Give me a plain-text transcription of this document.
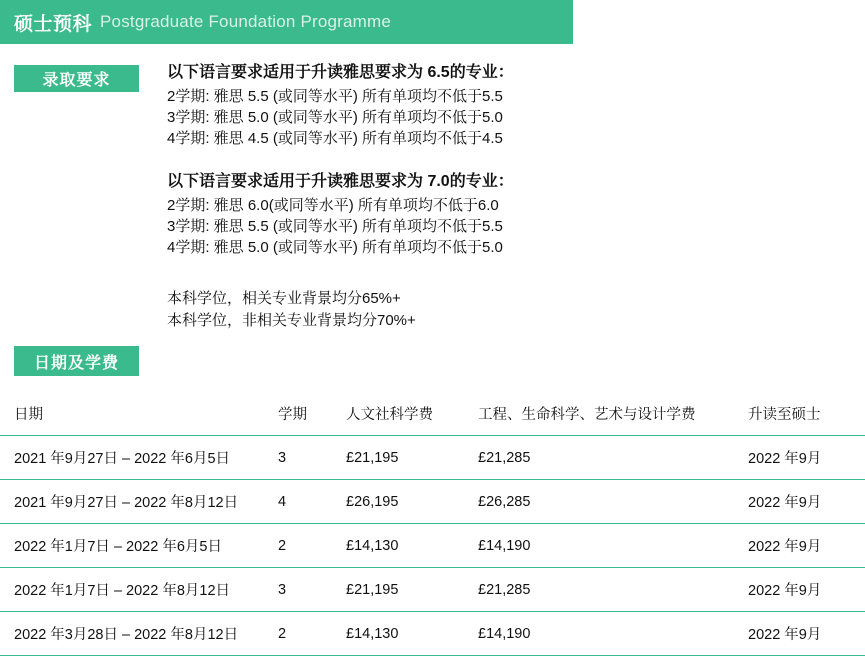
硕士预科 Postgraduate Foundation Programme
录取要求	以下语言要求适用于升读雅思要求为 6.5的专业：
2学期: 雅思 5.5 (或同等水平) 所有单项均不低于5.5
3学期: 雅思 5.0 (或同等水平) 所有单项均不低于5.0
4学期: 雅思 4.5 (或同等水平) 所有单项均不低于4.5
以下语言要求适用于升读雅思要求为 7.0的专业：
2学期: 雅思 6.0(或同等水平) 所有单项均不低于6.0
3学期: 雅思 5.5 (或同等水平) 所有单项均不低于5.5
4学期: 雅思 5.0 (或同等水平) 所有单项均不低于5.0
本科学位，相关专业背景均分65%+
本科学位，非相关专业背景均分70%+
日期及学费
日期	学期	人文社科学费	工程、生命科学、艺术与设计学费	升读至硕士
2021 年9月27日 – 2022 年6月5日	3	£21,195	£21,285	2022 年9月
2021 年9月27日 – 2022 年8月12日	4	£26,195	£26,285	2022 年9月
2022 年1月7日 – 2022 年6月5日	2	£14,130	£14,190	2022 年9月
2022 年1月7日 – 2022 年8月12日	3	£21,195	£21,285	2022 年9月
2022 年3月28日 – 2022 年8月12日	2	£14,130	£14,190	2022 年9月
